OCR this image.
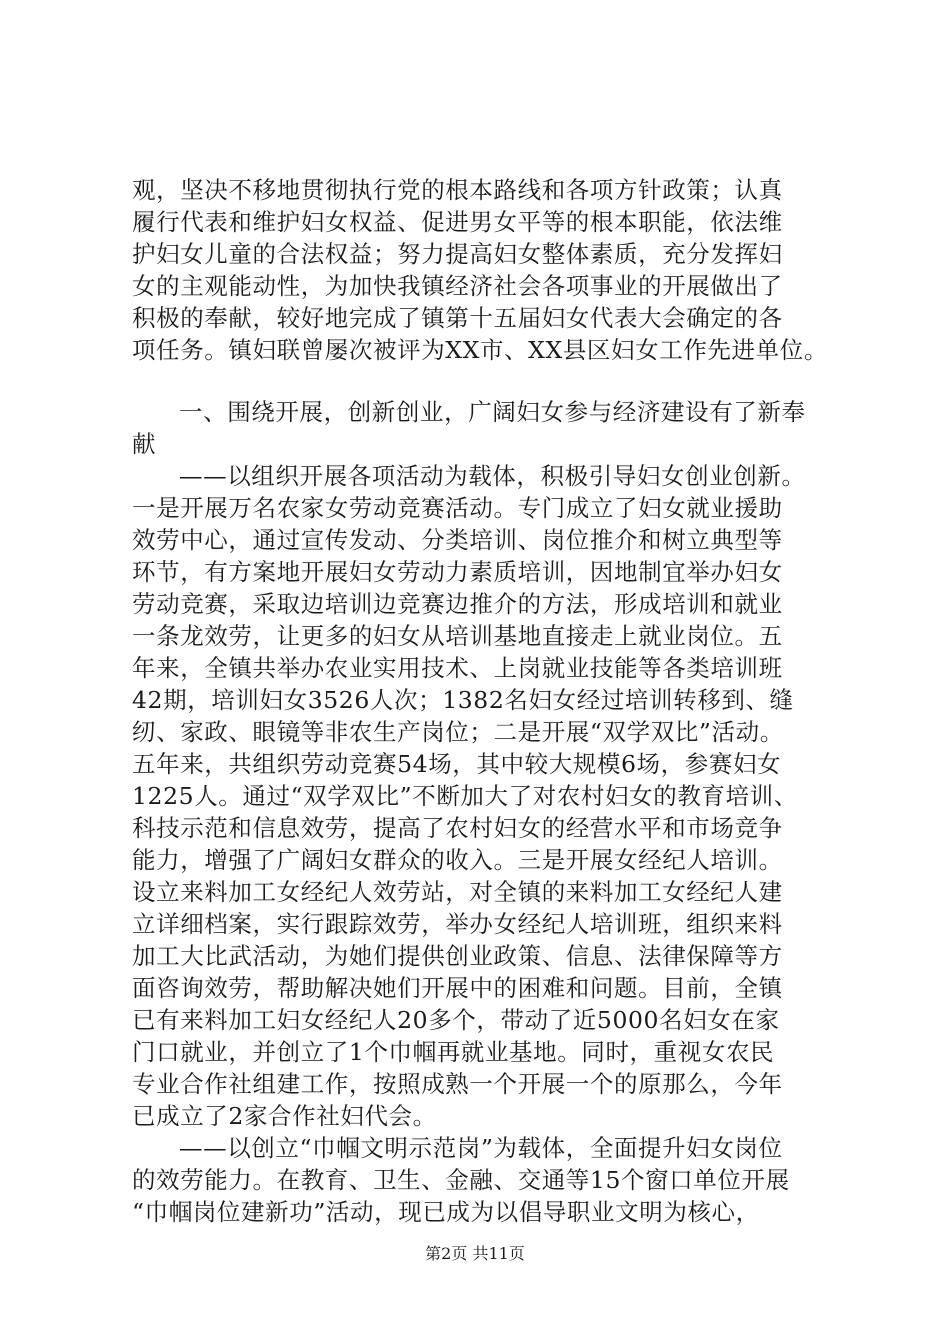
观，坚决不移地贯彻执行党的根本路线和各项方针政策；认真
履行代表和维护妇女权益、促进男女平等的根本职能，依法维
护妇女儿童的合法权益；努力提高妇女整体素质，充分发挥妇
女的主观能动性，为加快我镇经济社会各项事业的开展做出了
积极的奉献，较好地完成了镇第十五届妇女代表大会确定的各
项任务。镇妇联曾屡次被评为XX市、XX县区妇女工作先进单位。
一、围绕开展，创新创业，广阔妇女参与经济建设有了新奉
献
——以组织开展各项活动为载体，积极引导妇女创业创新。
一是开展万名农家女劳动竞赛活动。专门成立了妇女就业援助
效劳中心，通过宣传发动、分类培训、岗位推介和树立典型等
环节，有方案地开展妇女劳动力素质培训，因地制宜举办妇女
劳动竞赛，采取边培训边竞赛边推介的方法，形成培训和就业
一条龙效劳，让更多的妇女从培训基地直接走上就业岗位。五
年来，全镇共举办农业实用技术、上岗就业技能等各类培训班
42期，培训妇女3526人次；1382名妇女经过培训转移到、缝
纫、家政、眼镜等非农生产岗位；二是开展“双学双比”活动。
五年来，共组织劳动竞赛54场，其中较大规模6场，参赛妇女
1225人。通过“双学双比”不断加大了对农村妇女的教育培训、
科技示范和信息效劳，提高了农村妇女的经营水平和市场竞争
能力，增强了广阔妇女群众的收入。三是开展女经纪人培训。
设立来料加工女经纪人效劳站，对全镇的来料加工女经纪人建
立详细档案，实行跟踪效劳，举办女经纪人培训班，组织来料
加工大比武活动，为她们提供创业政策、信息、法律保障等方
面咨询效劳，帮助解决她们开展中的困难和问题。目前，全镇
已有来料加工妇女经纪人20多个，带动了近5000名妇女在家
门口就业，并创立了1个巾帼再就业基地。同时，重视女农民
专业合作社组建工作，按照成熟一个开展一个的原那么，今年
已成立了2家合作社妇代会。
——以创立“巾帼文明示范岗”为载体，全面提升妇女岗位
的效劳能力。在教育、卫生、金融、交通等15个窗口单位开展
“巾帼岗位建新功”活动，现已成为以倡导职业文明为核心，
第2页 共11页
